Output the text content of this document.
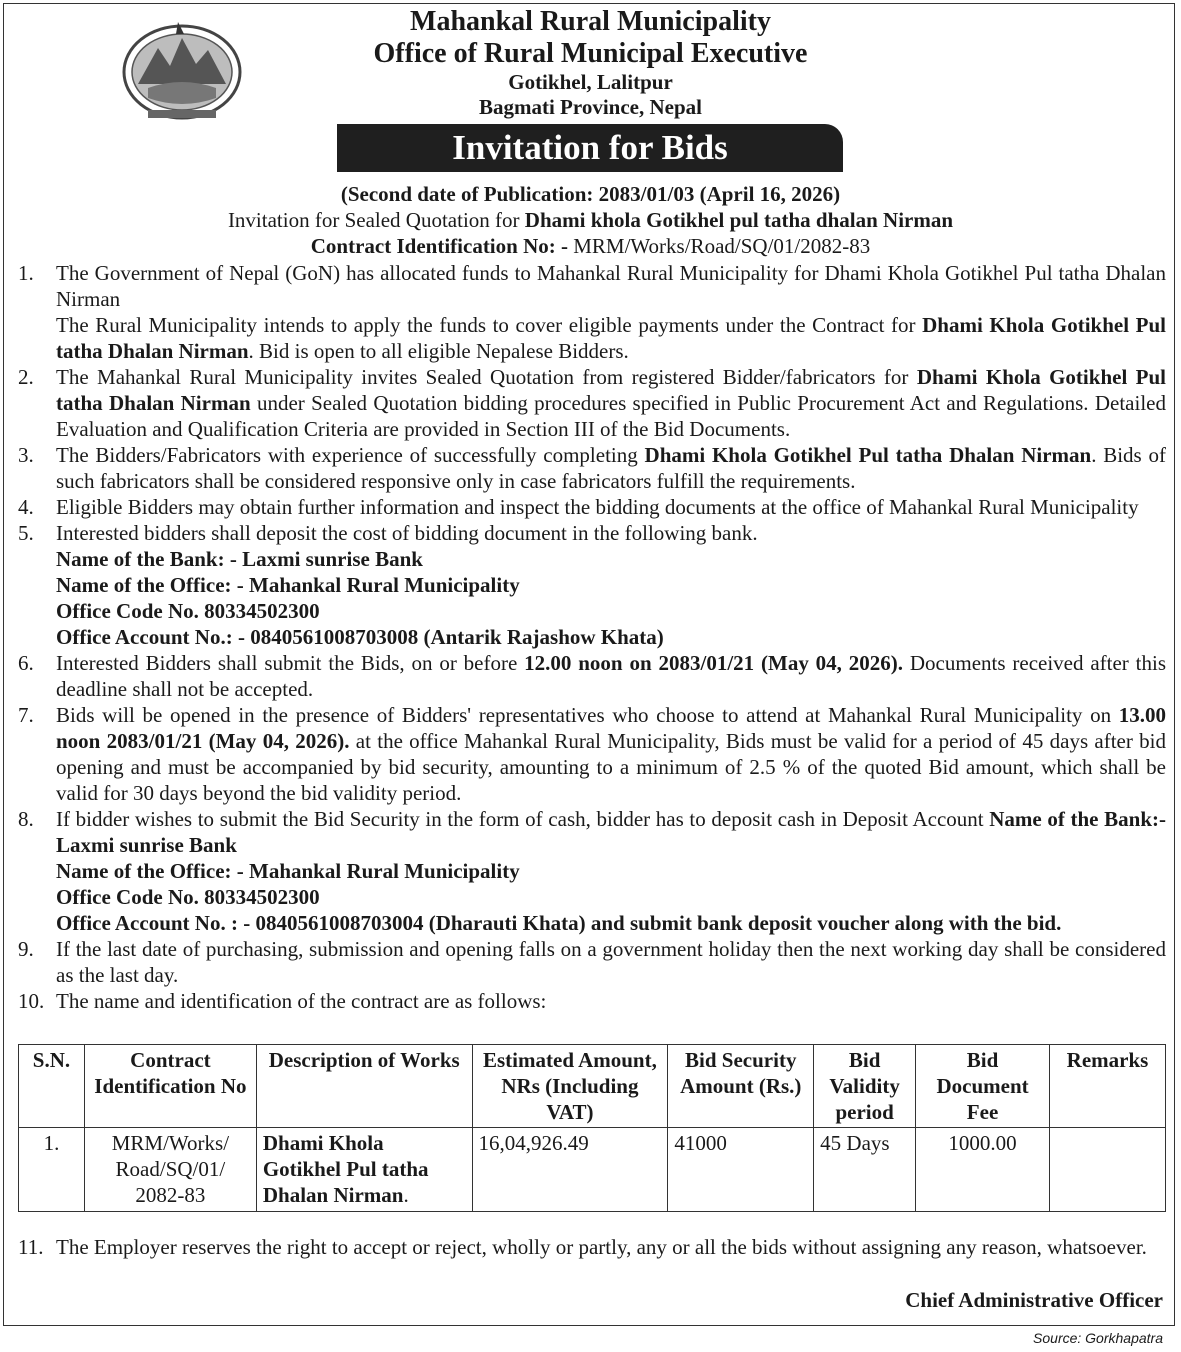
Mahankal Rural Municipality
Office of Rural Municipal Executive
Gotikhel, Lalitpur
Bagmati Province, Nepal
Invitation for Bids
(Second date of Publication: 2083/01/03 (April 16, 2026)
Invitation for Sealed Quotation for Dhami khola Gotikhel pul tatha dhalan Nirman
Contract Identification No: - MRM/Works/Road/SQ/01/2082-83
1.	The Government of Nepal (GoN) has allocated funds to Mahankal Rural Municipality for Dhami Khola Gotikhel Pul tatha Dhalan Nirman

The Rural Municipality intends to apply the funds to cover eligible payments under the Contract for Dhami Khola Gotikhel Pul tatha Dhalan Nirman. Bid is open to all eligible Nepalese Bidders.

2.	The Mahankal Rural Municipality invites Sealed Quotation from registered Bidder/fabricators for Dhami Khola Gotikhel Pul tatha Dhalan Nirman under Sealed Quotation bidding procedures specified in Public Procurement Act and Regulations. Detailed Evaluation and Qualification Criteria are provided in Section III of the Bid Documents.
3.	The Bidders/Fabricators with experience of successfully completing Dhami Khola Gotikhel Pul tatha Dhalan Nirman. Bids of such fabricators shall be considered responsive only in case fabricators fulfill the requirements.
4.	Eligible Bidders may obtain further information and inspect the bidding documents at the office of Mahankal Rural Municipality
5.	Interested bidders shall deposit the cost of bidding document in the following bank.

Name of the Bank: - Laxmi sunrise Bank

Name of the Office: - Mahankal Rural Municipality

Office Code No. 80334502300

Office Account No.: - 0840561008703008 (Antarik Rajashow Khata)

6.	Interested Bidders shall submit the Bids, on or before 12.00 noon on 2083/01/21 (May 04, 2026). Documents received after this deadline shall not be accepted.
7.	Bids will be opened in the presence of Bidders' representatives who choose to attend at Mahankal Rural Municipality on 13.00 noon 2083/01/21 (May 04, 2026). at the office Mahankal Rural Municipality, Bids must be valid for a period of 45 days after bid opening and must be accompanied by bid security, amounting to a minimum of 2.5 % of the quoted Bid amount, which shall be valid for 30 days beyond the bid validity period.
8.	If bidder wishes to submit the Bid Security in the form of cash, bidder has to deposit cash in Deposit Account Name of the Bank:-Laxmi sunrise Bank

Name of the Office: - Mahankal Rural Municipality

Office Code No. 80334502300

Office Account No. : - 0840561008703004 (Dharauti Khata) and submit bank deposit voucher along with the bid.

9.	If the last date of purchasing, submission and opening falls on a government holiday then the next working day shall be considered as the last day.
10. The name and identification of the contract are as follows:
S.N.	Contract Identification No	Description of Works	Estimated Amount, NRs (Including VAT)	Bid Security Amount (Rs.)	Bid Validity period	Bid Document Fee	Remarks
1.	MRM/Works/ Road/SQ/01/ 2082-83	Dhami Khola Gotikhel Pul tatha Dhalan Nirman.	16,04,926.49	41000	45 Days	1000.00	
11. The Employer reserves the right to accept or reject, wholly or partly, any or all the bids without assigning any reason, whatsoever.
Chief Administrative Officer
Source: Gorkhapatra
